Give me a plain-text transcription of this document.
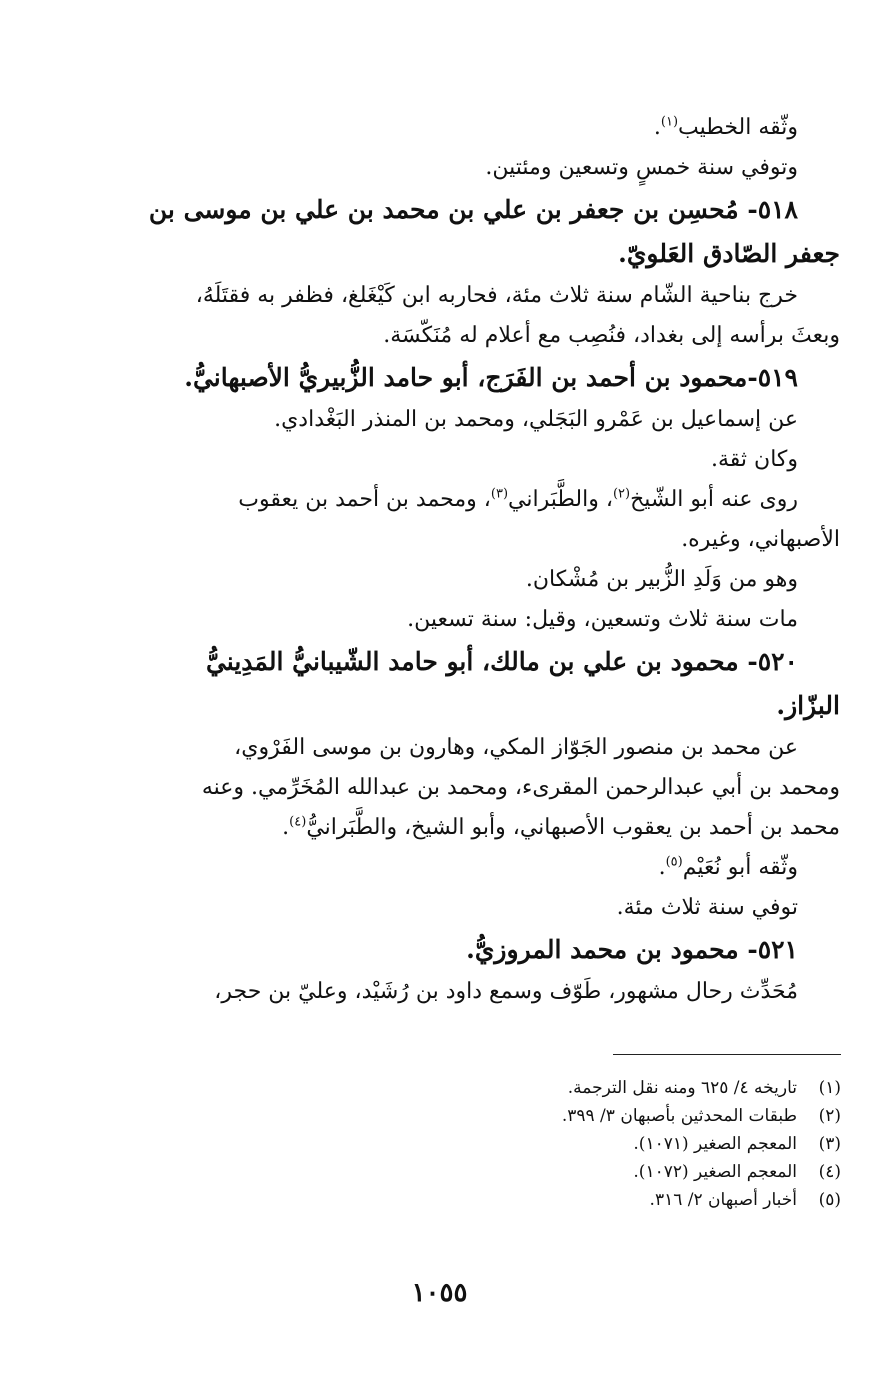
وثّقه الخطيب$^{(١)}$.
وتوفي سنة خمسٍ وتسعين ومئتين.
٥١٨- مُحسِن بن جعفر بن علي بن محمد بن علي بن موسى بن
جعفر الصّادق العَلويّ.
خرج بناحية الشّام سنة ثلاث مئة، فحاربه ابن كَيْغَلغ، فظفر به فقتَلَهُ،
وبعثَ برأسه إلى بغداد، فنُصِب مع أعلام له مُنَكّسَة.
٥١٩-محمود بن أحمد بن الفَرَج، أبو حامد الزُّبيريُّ الأصبهانيُّ.
عن إسماعيل بن عَمْرو البَجَلي، ومحمد بن المنذر البَغْدادي.
وكان ثقة.
روى عنه أبو الشّيخ$^{(٢)}$، والطَّبَراني$^{(٣)}$، ومحمد بن أحمد بن يعقوب
الأصبهاني، وغيره.
وهو من وَلَدِ الزُّبير بن مُشْكان.
مات سنة ثلاث وتسعين، وقيل: سنة تسعين.
٥٢٠- محمود بن علي بن مالك، أبو حامد الشّيبانيُّ المَدِينيُّ
البزّاز.
عن محمد بن منصور الجَوّاز المكي، وهارون بن موسى الفَرْوي،
ومحمد بن أبي عبدالرحمن المقرىء، ومحمد بن عبدالله المُخَرِّمي. وعنه
محمد بن أحمد بن يعقوب الأصبهاني، وأبو الشيخ، والطَّبَرانيُّ$^{(٤)}$.
وثّقه أبو نُعَيْم$^{(٥)}$.
توفي سنة ثلاث مئة.
٥٢١- محمود بن محمد المروزيُّ.
مُحَدِّث رحال مشهور، طَوّف وسمع داود بن رُشَيْد، وعليّ بن حجر،
(١)تاريخه ٤/ ٦٢٥ ومنه نقل الترجمة.
(٢)طبقات المحدثين بأصبهان ٣/ ٣٩٩.
(٣)المعجم الصغير (١٠٧١).
(٤)المعجم الصغير (١٠٧٢).
(٥)أخبار أصبهان ٢/ ٣١٦.
١٠٥٥
